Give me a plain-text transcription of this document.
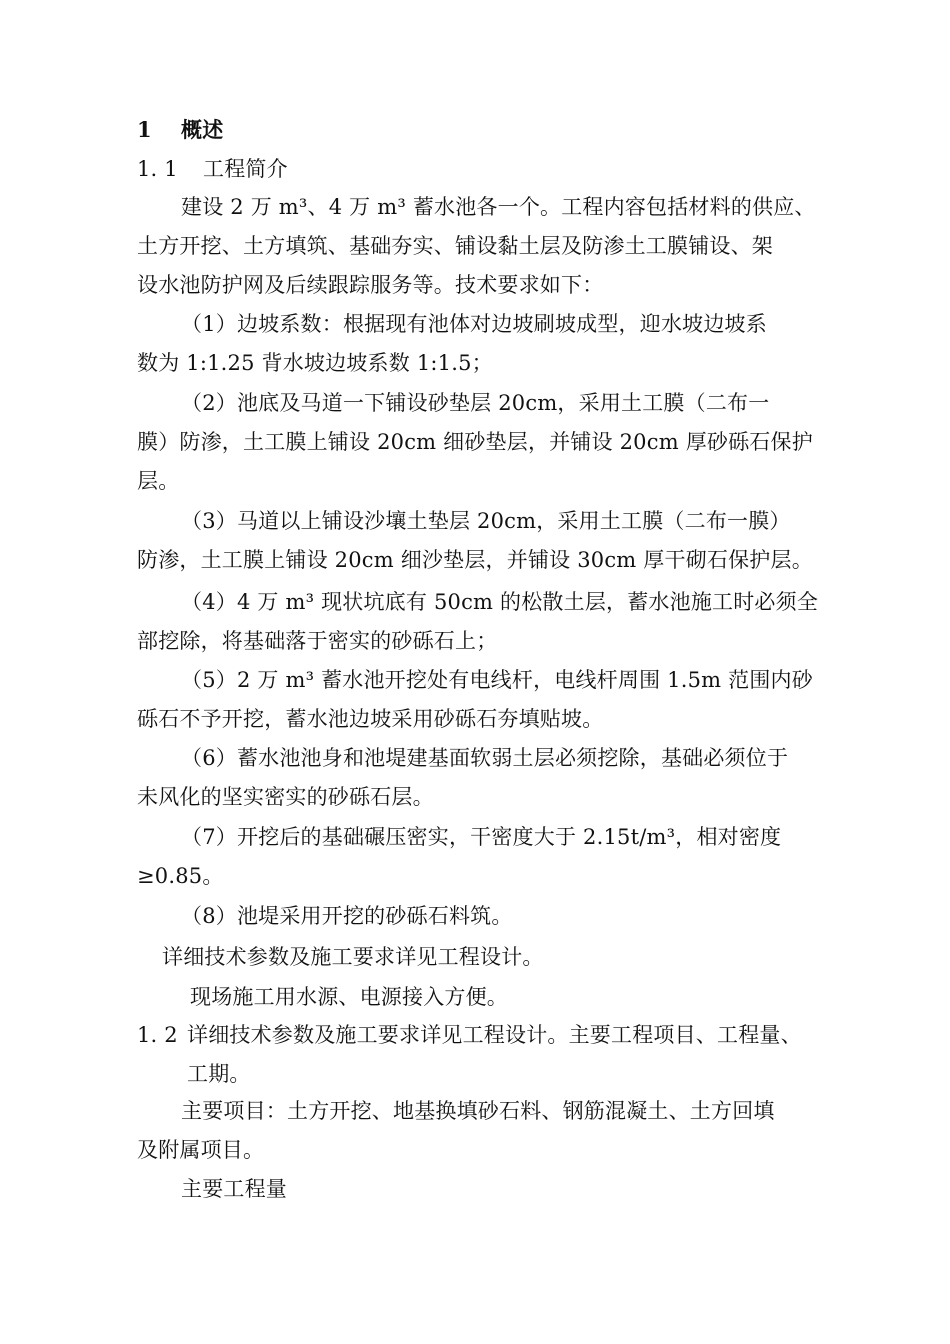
1 概述
1. 1 工程简介
建设 2 万 m³、4 万 m³ 蓄水池各一个。工程内容包括材料的供应、
土方开挖、土方填筑、基础夯实、铺设黏土层及防渗土工膜铺设、架
设水池防护网及后续跟踪服务等。技术要求如下：
（1）边坡系数：根据现有池体对边坡刷坡成型，迎水坡边坡系
数为 1:1.25 背水坡边坡系数 1:1.5；
（2）池底及马道一下铺设砂垫层 20cm，采用土工膜（二布一
膜）防渗，土工膜上铺设 20cm 细砂垫层，并铺设 20cm 厚砂砾石保护
层。
（3）马道以上铺设沙壤土垫层 20cm，采用土工膜（二布一膜）
防渗，土工膜上铺设 20cm 细沙垫层，并铺设 30cm 厚干砌石保护层。
（4）4 万 m³ 现状坑底有 50cm 的松散土层，蓄水池施工时必须全
部挖除，将基础落于密实的砂砾石上；
（5）2 万 m³ 蓄水池开挖处有电线杆，电线杆周围 1.5m 范围内砂
砾石不予开挖，蓄水池边坡采用砂砾石夯填贴坡。
（6）蓄水池池身和池堤建基面软弱土层必须挖除，基础必须位于
未风化的坚实密实的砂砾石层。
（7）开挖后的基础碾压密实，干密度大于 2.15t/m³，相对密度
≥0.85。
（8）池堤采用开挖的砂砾石料筑。
详细技术参数及施工要求详见工程设计。
现场施工用水源、电源接入方便。
1. 2 详细技术参数及施工要求详见工程设计。主要工程项目、工程量、
工期。
主要项目：土方开挖、地基换填砂石料、钢筋混凝土、土方回填
及附属项目。
主要工程量
